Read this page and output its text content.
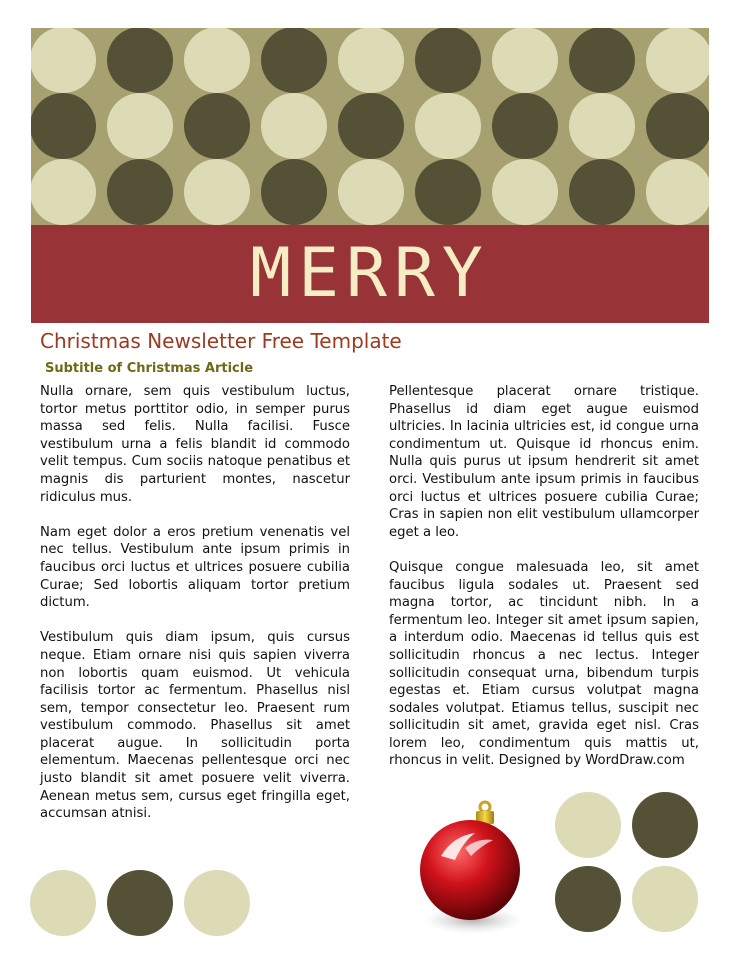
MERRY
Christmas Newsletter Free Template
Subtitle of Christmas Article

Nulla ornare, sem quis vestibulum luctus, tortor metus porttitor odio, in semper purus massa sed felis. Nulla facilisi. Fusce vestibulum urna a felis blandit id commodo velit tempus. Cum sociis natoque penatibus et magnis dis parturient montes, nascetur ridiculus mus.

Nam eget dolor a eros pretium venenatis vel nec tellus. Vestibulum ante ipsum primis in faucibus orci luctus et ultrices posuere cubilia Curae; Sed lobortis aliquam tortor pretium dictum.

Vestibulum quis diam ipsum, quis cursus neque. Etiam ornare nisi quis sapien viverra non lobortis quam euismod. Ut vehicula facilisis tortor ac fermentum. Phasellus nisl sem, tempor consectetur leo. Praesent rum vestibulum commodo. Phasellus sit amet placerat augue. In sollicitudin porta elementum. Maecenas pellentesque orci nec justo blandit sit amet posuere velit viverra. Aenean metus sem, cursus eget fringilla eget, accumsan atnisi.

Pellentesque placerat ornare tristique. Phasellus id diam eget augue euismod ultricies. In lacinia ultricies est, id congue urna condimentum ut. Quisque id rhoncus enim. Nulla quis purus ut ipsum hendrerit sit amet orci. Vestibulum ante ipsum primis in faucibus orci luctus et ultrices posuere cubilia Curae; Cras in sapien non elit vestibulum ullamcorper eget a leo.

Quisque congue malesuada leo, sit amet faucibus ligula sodales ut. Praesent sed magna tortor, ac tincidunt nibh. In a fermentum leo. Integer sit amet ipsum sapien, a interdum odio. Maecenas id tellus quis est sollicitudin rhoncus a nec lectus. Integer sollicitudin consequat urna, bibendum turpis egestas et. Etiam cursus volutpat magna sodales volutpat. Etiamus tellus, suscipit nec sollicitudin sit amet, gravida eget nisl. Cras lorem leo, condimentum quis mattis ut, rhoncus in velit. Designed by WordDraw.com
